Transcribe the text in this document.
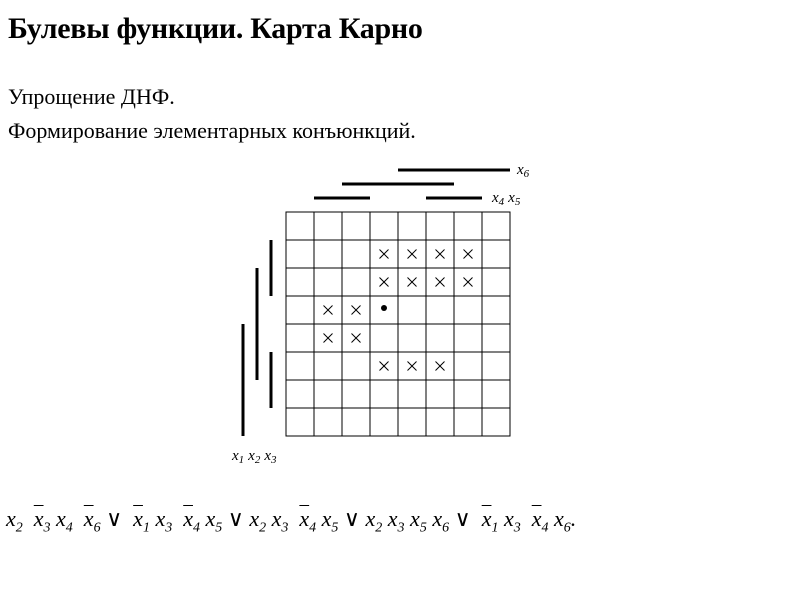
Булевы функции. Карта Карно
Упрощение ДНФ.
Формирование элементарных конъюнкций.
$x_6$
$x_4$ $x_5$
$x_1$ $x_2$ $x_3$
$x_2$ $\overline{x}_3$ $x_4$ $\overline{x}_6$ ∨ $\overline{x}_1$ $x_3$ $\overline{x}_4$ $x_5$ ∨ $x_2$ $x_3$ $\overline{x}_4$ $x_5$ ∨ $x_2$ $x_3$ $x_5$ $x_6$ ∨ $\overline{x}_1$ $x_3$ $\overline{x}_4$ $x_6$.
